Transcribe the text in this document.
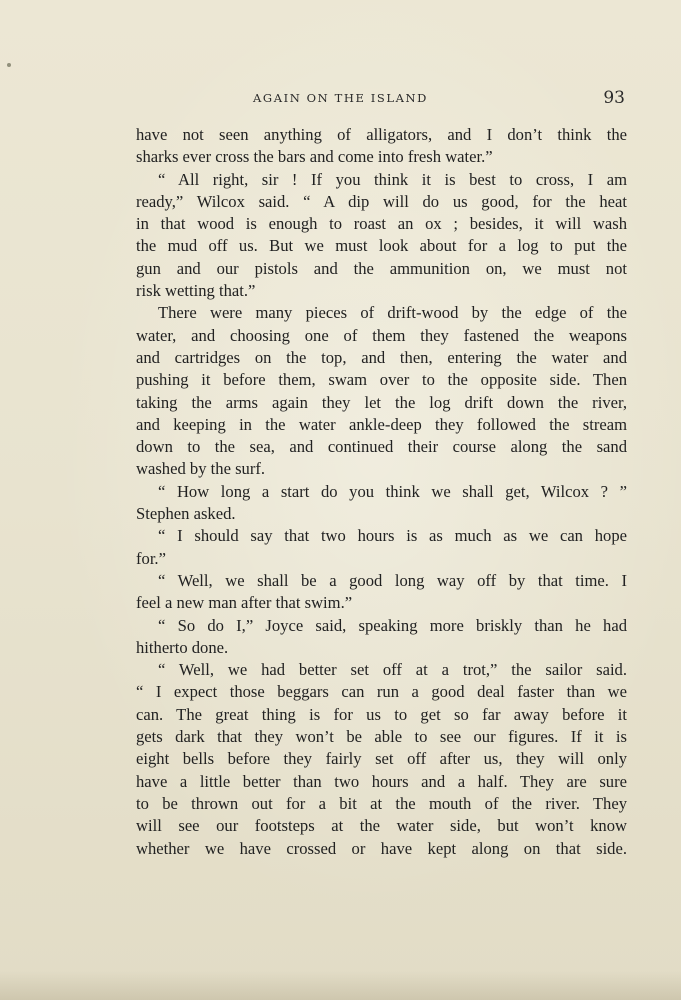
AGAIN ON THE ISLAND	93
have not seen anything of alligators, and I don’t think the
sharks ever cross the bars and come into fresh water.”
“ All right, sir ! If you think it is best to cross, I am
ready,” Wilcox said. “ A dip will do us good, for the heat
in that wood is enough to roast an ox ; besides, it will wash
the mud off us. But we must look about for a log to put the
gun and our pistols and the ammunition on, we must not
risk wetting that.”
There were many pieces of drift-wood by the edge of the
water, and choosing one of them they fastened the weapons
and cartridges on the top, and then, entering the water and
pushing it before them, swam over to the opposite side. Then
taking the arms again they let the log drift down the river,
and keeping in the water ankle-deep they followed the stream
down to the sea, and continued their course along the sand
washed by the surf.
“ How long a start do you think we shall get, Wilcox ? ”
Stephen asked.
“ I should say that two hours is as much as we can hope
for.”
“ Well, we shall be a good long way off by that time. I
feel a new man after that swim.”
“ So do I,” Joyce said, speaking more briskly than he had
hitherto done.
“ Well, we had better set off at a trot,” the sailor said.
“ I expect those beggars can run a good deal faster than we
can. The great thing is for us to get so far away before it
gets dark that they won’t be able to see our figures. If it is
eight bells before they fairly set off after us, they will only
have a little better than two hours and a half. They are sure
to be thrown out for a bit at the mouth of the river. They
will see our footsteps at the water side, but won’t know
whether we have crossed or have kept along on that side.
